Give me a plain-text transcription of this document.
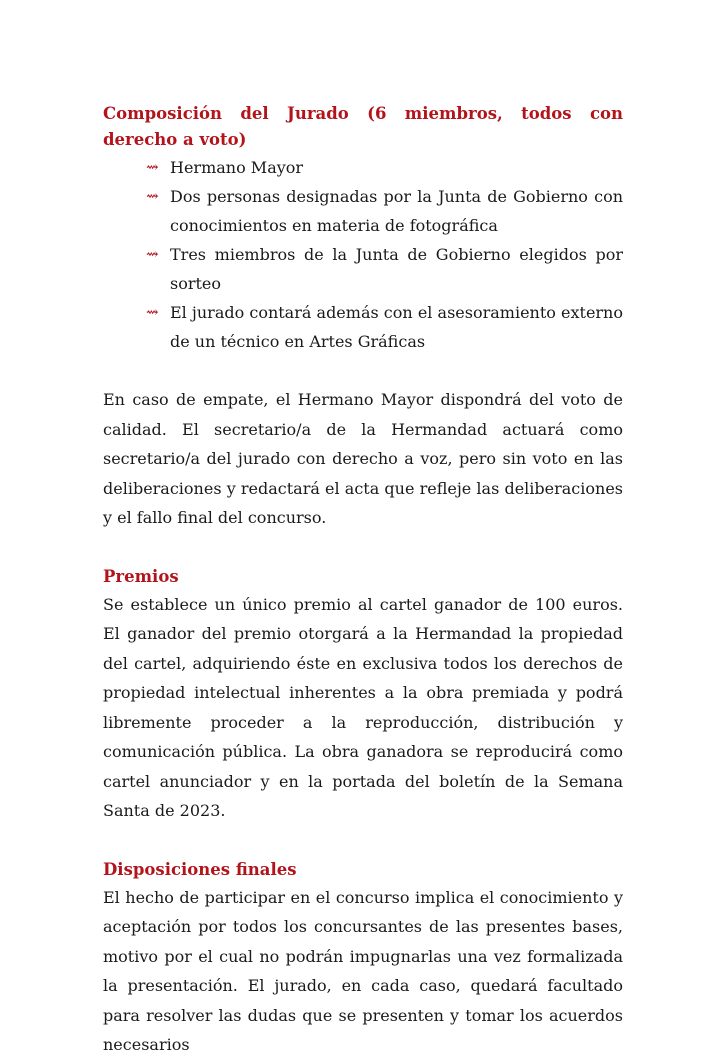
Composición del Jurado (6 miembros, todos con derecho a voto)
⇝ Hermano Mayor
⇝ Dos personas designadas por la Junta de Gobierno con conocimientos en materia de fotográfica
⇝ Tres miembros de la Junta de Gobierno elegidos por sorteo
⇝ El jurado contará además con el asesoramiento externo de un técnico en Artes Gráficas

En caso de empate, el Hermano Mayor dispondrá del voto de calidad. El secretario/a de la Hermandad actuará como secretario/a del jurado con derecho a voz, pero sin voto en las deliberaciones y redactará el acta que refleje las deliberaciones y el fallo final del concurso.

Premios

Se establece un único premio al cartel ganador de 100 euros. El ganador del premio otorgará a la Hermandad la propiedad del cartel, adquiriendo éste en exclusiva todos los derechos de propiedad intelectual inherentes a la obra premiada y podrá libremente proceder a la reproducción, distribución y comunicación pública. La obra ganadora se reproducirá como cartel anunciador y en la portada del boletín de la Semana Santa de 2023.

Disposiciones finales

El hecho de participar en el concurso implica el conocimiento y aceptación por todos los concursantes de las presentes bases, motivo por el cual no podrán impugnarlas una vez formalizada la presentación. El jurado, en cada caso, quedará facultado para resolver las dudas que se presenten y tomar los acuerdos necesarios
